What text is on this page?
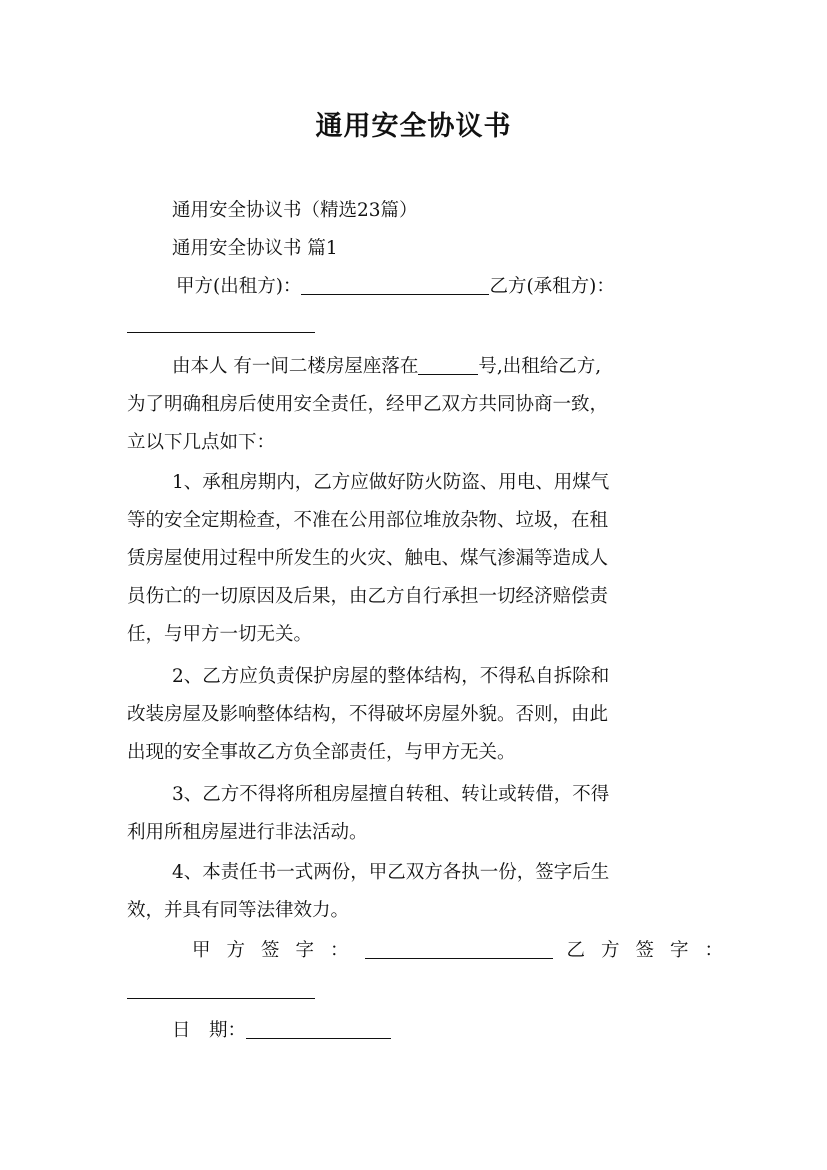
通用安全协议书
通用安全协议书（精选23篇）
通用安全协议书 篇1
甲方(出租方)：	乙方(承租方)：
由本人 有一间二楼房屋座落在	号,出租给乙方,
为了明确租房后使用安全责任，经甲乙双方共同协商一致，
立以下几点如下：
1、承租房期内，乙方应做好防火防盗、用电、用煤气
等的安全定期检查，不准在公用部位堆放杂物、垃圾，在租
赁房屋使用过程中所发生的火灾、触电、煤气渗漏等造成人
员伤亡的一切原因及后果，由乙方自行承担一切经济赔偿责
任，与甲方一切无关。
2、乙方应负责保护房屋的整体结构，不得私自拆除和
改装房屋及影响整体结构，不得破坏房屋外貌。否则，由此
出现的安全事故乙方负全部责任，与甲方无关。
3、乙方不得将所租房屋擅自转租、转让或转借，不得
利用所租房屋进行非法活动。
4、本责任书一式两份，甲乙双方各执一份，签字后生
效，并具有同等法律效力。
甲方签字：	乙方签字：
日　期：
